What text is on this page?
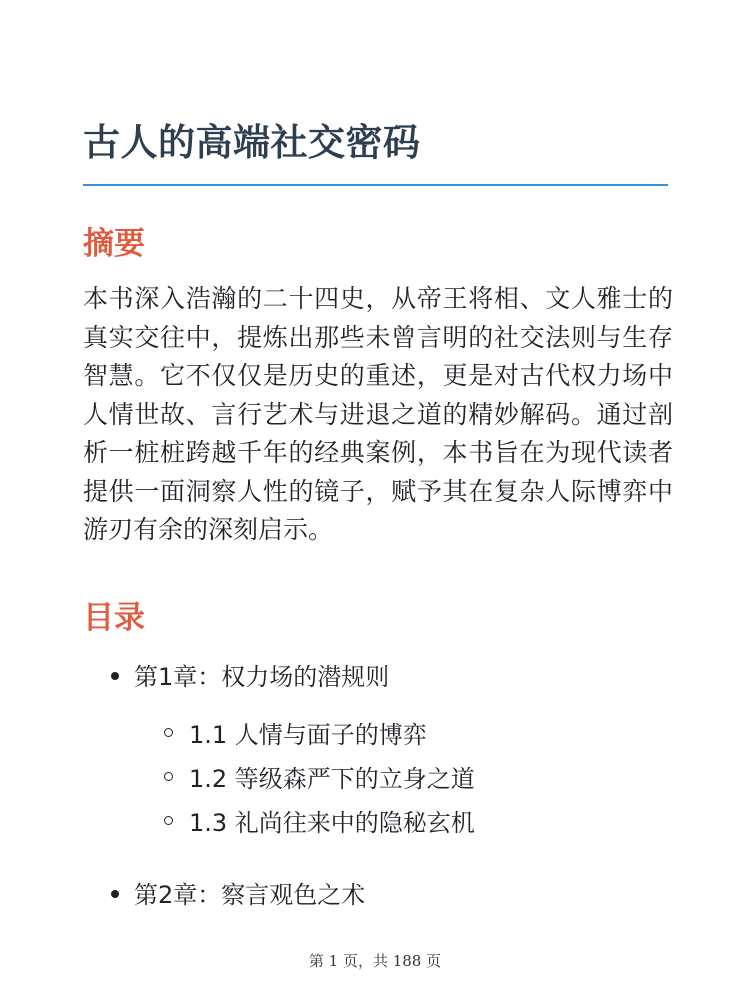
古人的高端社交密码
摘要

本书深入浩瀚的二十四史，从帝王将相、文人雅士的真实交往中，提炼出那些未曾言明的社交法则与生存智慧。它不仅仅是历史的重述，更是对古代权力场中人情世故、言行艺术与进退之道的精妙解码。通过剖析一桩桩跨越千年的经典案例，本书旨在为现代读者提供一面洞察人性的镜子，赋予其在复杂人际博弈中游刃有余的深刻启示。

目录
第1章：权力场的潜规则
1.1 人情与面子的博弈
1.2 等级森严下的立身之道
1.3 礼尚往来中的隐秘玄机
第2章：察言观色之术
第 1 页，共 188 页
